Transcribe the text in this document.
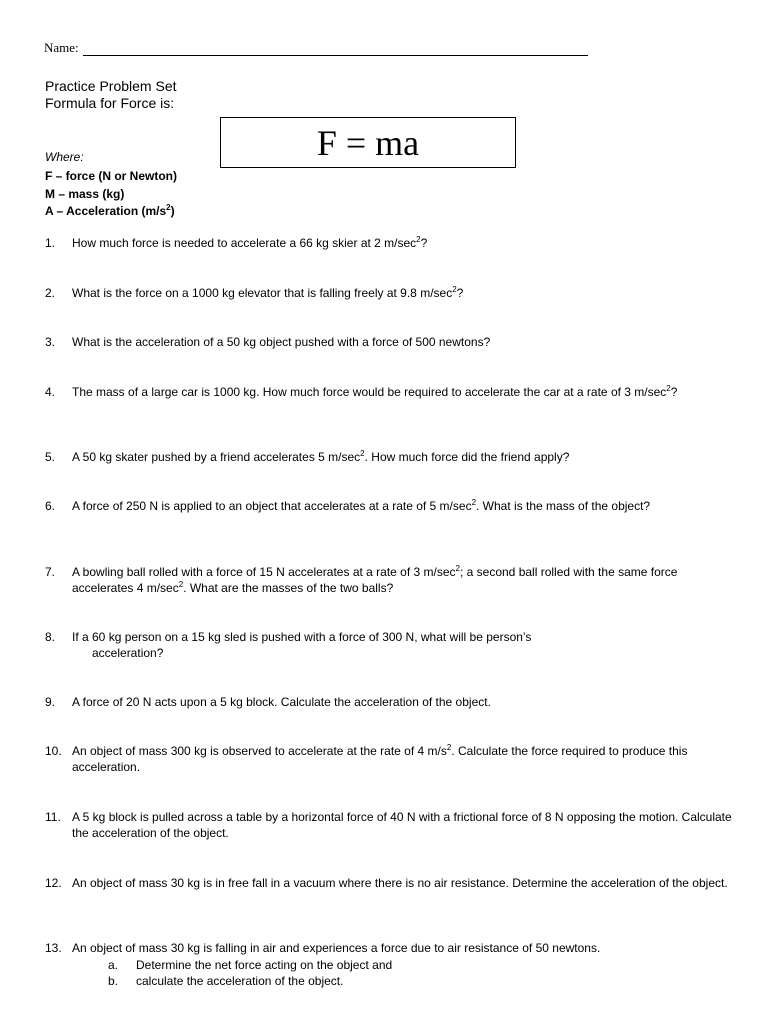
Name:
Practice Problem Set
Formula for Force is:
F = ma
Where:
F – force (N or Newton)
M – mass (kg)
A – Acceleration $(m/s^2)$
1.	How much force is needed to accelerate a 66 kg skier at 2 $m/\sec^2$?
2.	What is the force on a 1000 kg elevator that is falling freely at 9.8 $m/\sec^2$?
3.	What is the acceleration of a 50 kg object pushed with a force of 500 newtons?
4.	The mass of a large car is 1000 kg. How much force would be required to accelerate the car at a rate of 3 $m/\sec^2$?
5.	A 50 kg skater pushed by a friend accelerates 5 $m/\sec^2$. How much force did the friend apply?
6.	A force of 250 N is applied to an object that accelerates at a rate of 5 $m/\sec^2$. What is the mass of the object?
7.	A bowling ball rolled with a force of 15 N accelerates at a rate of 3 $m/\sec^2$; a second ball rolled with the same force accelerates 4 $m/\sec^2$. What are the masses of the two balls?
8.	If a 60 kg person on a 15 kg sled is pushed with a force of 300 N, what will be person’s
acceleration?
9.	A force of 20 N acts upon a 5 kg block. Calculate the acceleration of the object.
10. An object of mass 300 kg is observed to accelerate at the rate of 4 $m/s^2$. Calculate the force required to produce this acceleration.
11. A 5 kg block is pulled across a table by a horizontal force of 40 N with a frictional force of 8 N opposing the motion. Calculate the acceleration of the object.
12. An object of mass 30 kg is in free fall in a vacuum where there is no air resistance. Determine the acceleration of the object.
13. An object of mass 30 kg is falling in air and experiences a force due to air resistance of 50 newtons.
a.	Determine the net force acting on the object and
b.	calculate the acceleration of the object.
